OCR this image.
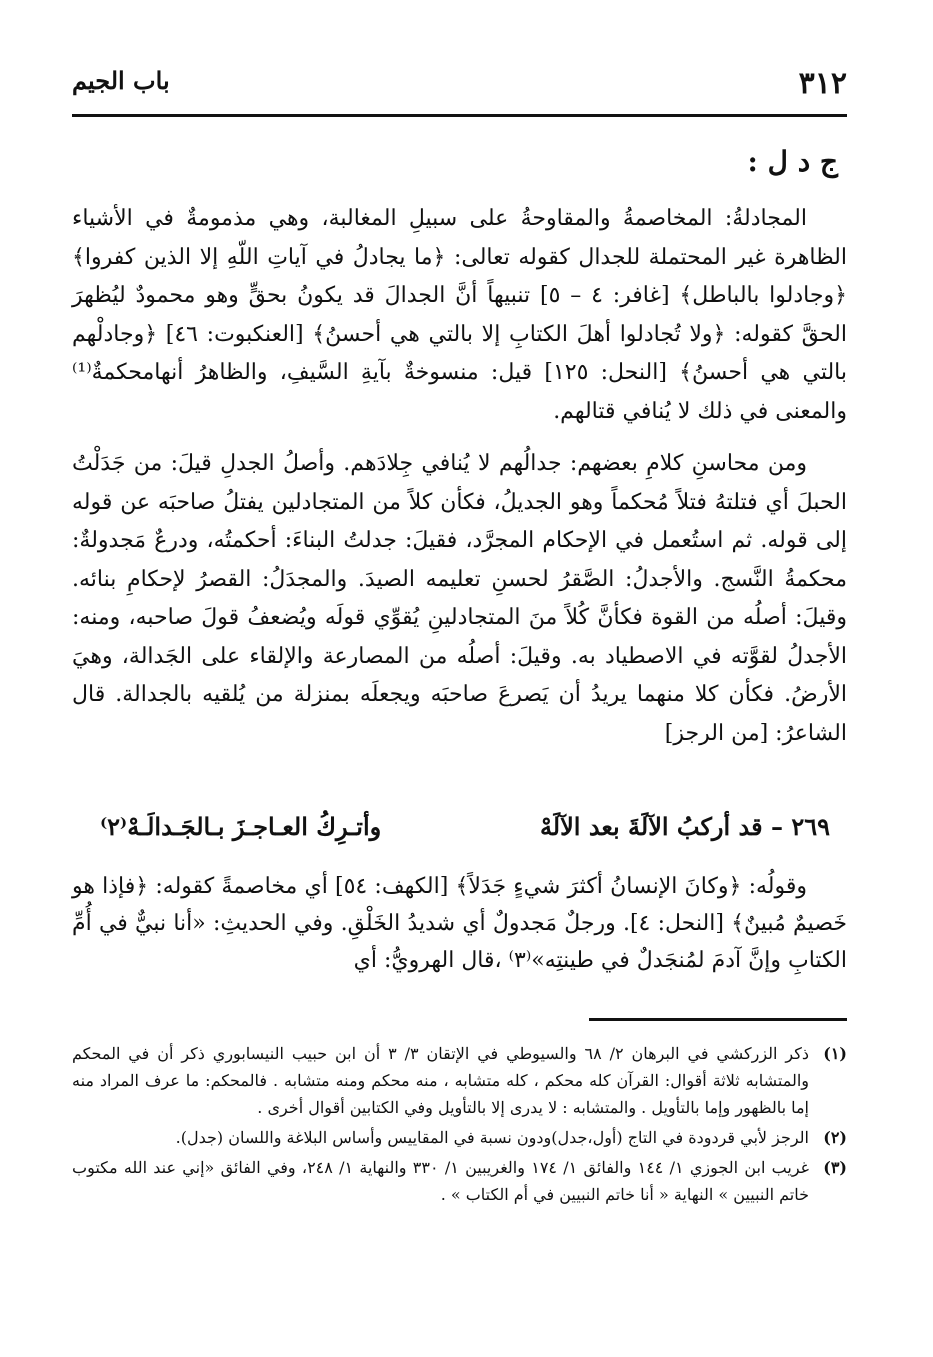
٣١٢
باب الجيم
ج د ل :

المجادلةُ: المخاصمةُ والمقاوحةُ على سبيلِ المغالبة، وهي مذمومةٌ في الأشياء الظاهرة غير المحتملة للجدال كقوله تعالى: ﴿ما يجادلُ في آياتِ اللّهِ إلا الذين كفروا﴾ ﴿وجادلوا بالباطل﴾ [غافر: ٤ – ٥] تنبيهاً أنَّ الجدالَ قد يكونُ بحقٍّ وهو محمودٌ ليُظهرَ الحقَّ كقوله: ﴿ولا تُجادلوا أهلَ الكتابِ إلا بالتي هي أحسنُ﴾ [العنكبوت: ٤٦] ﴿وجادلْهم بالتي هي أحسنُ﴾ [النحل: ١٢٥] قيل: منسوخةٌ بآيةِ السَّيفِ، والظاهرُ أنهامحكمةٌ⁽¹⁾ والمعنى في ذلك لا يُنافي قتالهم.

ومن محاسنِ كلامِ بعضهم: جدالُهم لا يُنافي جِلادَهم. وأصلُ الجدلِ قيلَ: من جَدَلْتُ الحبلَ أي فتلتهُ فتلاً مُحكماً وهو الجديلُ، فكأن كلاً من المتجادلين يفتلُ صاحبَه عن قوله إلى قوله. ثم استُعمل في الإحكام المجرَّد، فقيلَ: جدلتُ البناءَ: أحكمتُه، ودرعٌ مَجدولةٌ: محكمةُ النَّسج. والأجدلُ: الصَّقرُ لحسنِ تعليمه الصيدَ. والمجدَلُ: القصرُ لإحكامِ بنائه. وقيلَ: أصلُه من القوة فكأنَّ كُلاً منَ المتجادلينِ يُقوِّي قولَه ويُضعفُ قولَ صاحبه، ومنه: الأجدلُ لقوَّته في الاصطياد به. وقيلَ: أصلُه من المصارعة والإلقاء على الجَدالة، وهيَ الأرضُ. فكأن كلا منهما يريدُ أن يَصرعَ صاحبَه ويجعلَه بمنزلة من يُلقيه بالجدالة. قال الشاعرُ: [من الرجز]

٢٦٩ – قد أركبُ الآلَةَ بعد الآلَهْ
وأتـرِكُ العـاجـزَ بـالجَـدالَـهْ⁽٢⁾

وقولُه: ﴿وكانَ الإنسانُ أكثرَ شيءٍ جَدَلاً﴾ [الكهف: ٥٤] أي مخاصمةً كقوله: ﴿فإذا هو خَصيمٌ مُبينٌ﴾ [النحل: ٤]. ورجلٌ مَجدولٌ أي شديدُ الخَلْقِ. وفي الحديثِ: «أنا نبيٌّ في أُمِّ الكتابِ وإنَّ آدمَ لمُنجَدلٌ في طينتِه»⁽٣⁾ ،قال الهرويُّ: أي

(١)
ذكر الزركشي في البرهان ٢/ ٦٨ والسيوطي في الإتقان ٣/ ٣ أن ابن حبيب النيسابوري ذكر أن في المحكم والمتشابه ثلاثة أقوال: القرآن كله محكم ، كله متشابه ، منه محكم ومنه متشابه . فالمحكم: ما عرف المراد منه إما بالظهور وإما بالتأويل . والمتشابه : لا يدرى إلا بالتأويل وفي الكتابين أقوال أخرى .
(٢)
الرجز لأبي قردودة في التاج (أول،جدل)ودون نسبة في المقاييس وأساس البلاغة واللسان (جدل).
(٣)
غريب ابن الجوزي ١/ ١٤٤ والفائق ١/ ١٧٤ والغريبين ١/ ٣٣٠ والنهاية ١/ ٢٤٨، وفي الفائق «إني عند الله مكتوب خاتم النبيين » النهاية « أنا خاتم النبيين في أم الكتاب » .
